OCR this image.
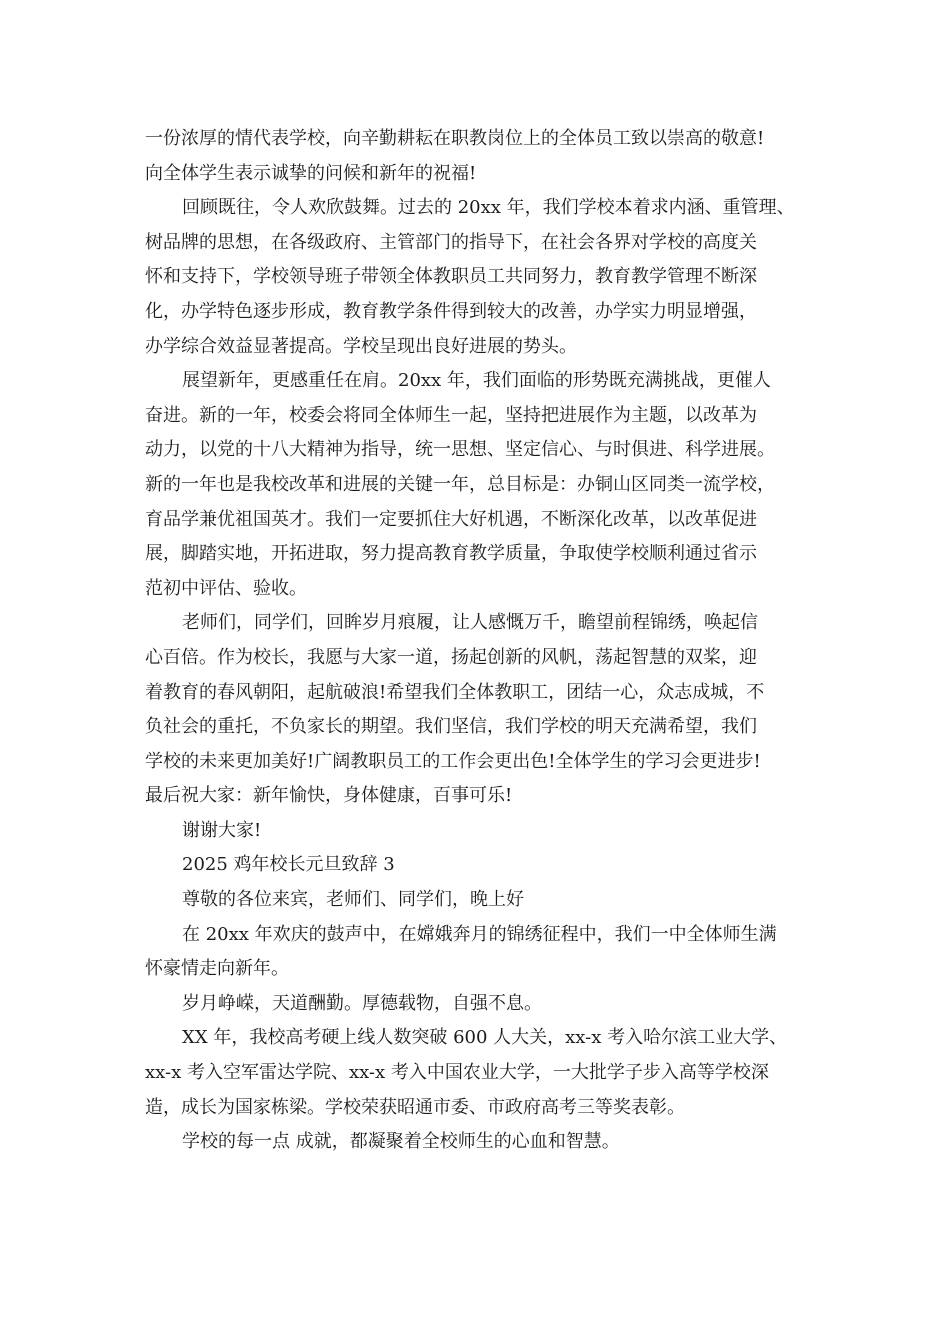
一份浓厚的情代表学校，向辛勤耕耘在职教岗位上的全体员工致以崇高的敬意!
向全体学生表示诚挚的问候和新年的祝福!
回顾既往，令人欢欣鼓舞。过去的 20xx 年，我们学校本着求内涵、重管理、
树品牌的思想，在各级政府、主管部门的指导下，在社会各界对学校的高度关
怀和支持下，学校领导班子带领全体教职员工共同努力，教育教学管理不断深
化，办学特色逐步形成，教育教学条件得到较大的改善，办学实力明显增强，
办学综合效益显著提高。学校呈现出良好进展的势头。
展望新年，更感重任在肩。20xx 年，我们面临的形势既充满挑战，更催人
奋进。新的一年，校委会将同全体师生一起，坚持把进展作为主题，以改革为
动力，以党的十八大精神为指导，统一思想、坚定信心、与时俱进、科学进展。
新的一年也是我校改革和进展的关键一年，总目标是：办铜山区同类一流学校，
育品学兼优祖国英才。我们一定要抓住大好机遇，不断深化改革，以改革促进
展，脚踏实地，开拓进取，努力提高教育教学质量，争取使学校顺利通过省示
范初中评估、验收。
老师们，同学们，回眸岁月痕履，让人感慨万千，瞻望前程锦绣，唤起信
心百倍。作为校长，我愿与大家一道，扬起创新的风帆，荡起智慧的双桨，迎
着教育的春风朝阳，起航破浪!希望我们全体教职工，团结一心，众志成城，不
负社会的重托，不负家长的期望。我们坚信，我们学校的明天充满希望，我们
学校的未来更加美好!广阔教职员工的工作会更出色!全体学生的学习会更进步!
最后祝大家：新年愉快，身体健康，百事可乐!
谢谢大家!
2025 鸡年校长元旦致辞 3
尊敬的各位来宾，老师们、同学们，晚上好
在 20xx 年欢庆的鼓声中，在嫦娥奔月的锦绣征程中，我们一中全体师生满
怀豪情走向新年。
岁月峥嵘，天道酬勤。厚德载物，自强不息。
XX 年，我校高考硬上线人数突破 600 人大关，xx-x 考入哈尔滨工业大学、
xx-x 考入空军雷达学院、xx-x 考入中国农业大学，一大批学子步入高等学校深
造，成长为国家栋梁。学校荣获昭通市委、市政府高考三等奖表彰。
学校的每一点 成就，都凝聚着全校师生的心血和智慧。
